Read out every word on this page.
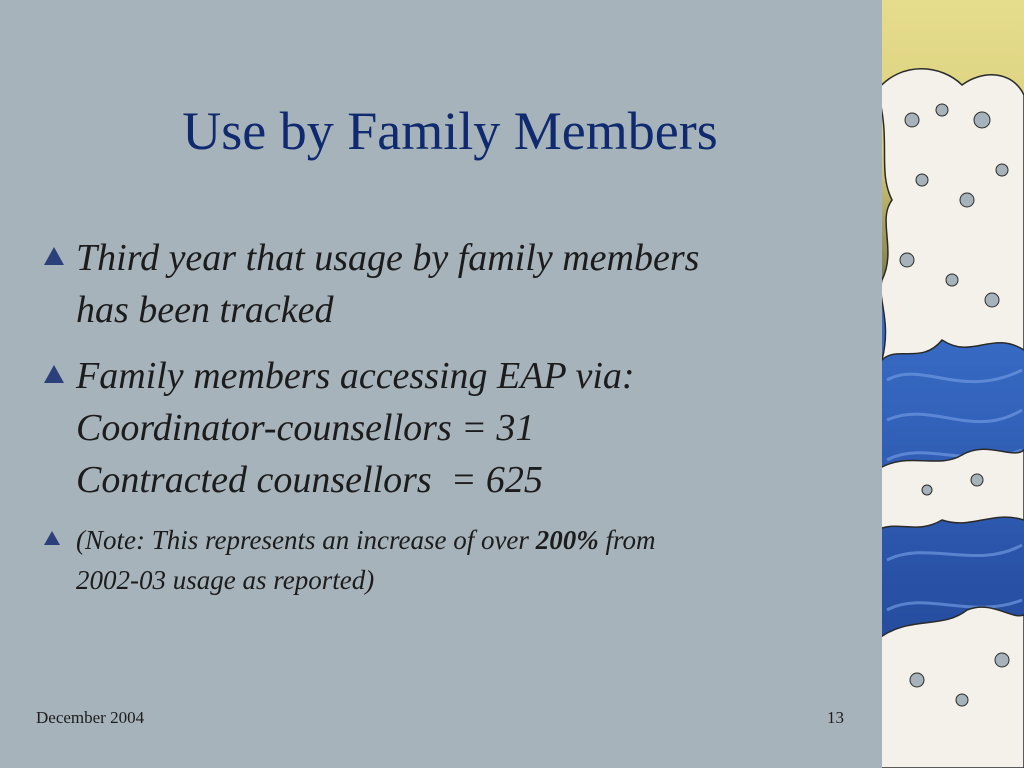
Use by Family Members
Third year that usage by family members
has been tracked
Family members accessing EAP via:
Coordinator-counsellors = 31
Contracted counsellors  = 625
(Note: This represents an increase of over 200% from
2002-03 usage as reported)
December 2004	13
